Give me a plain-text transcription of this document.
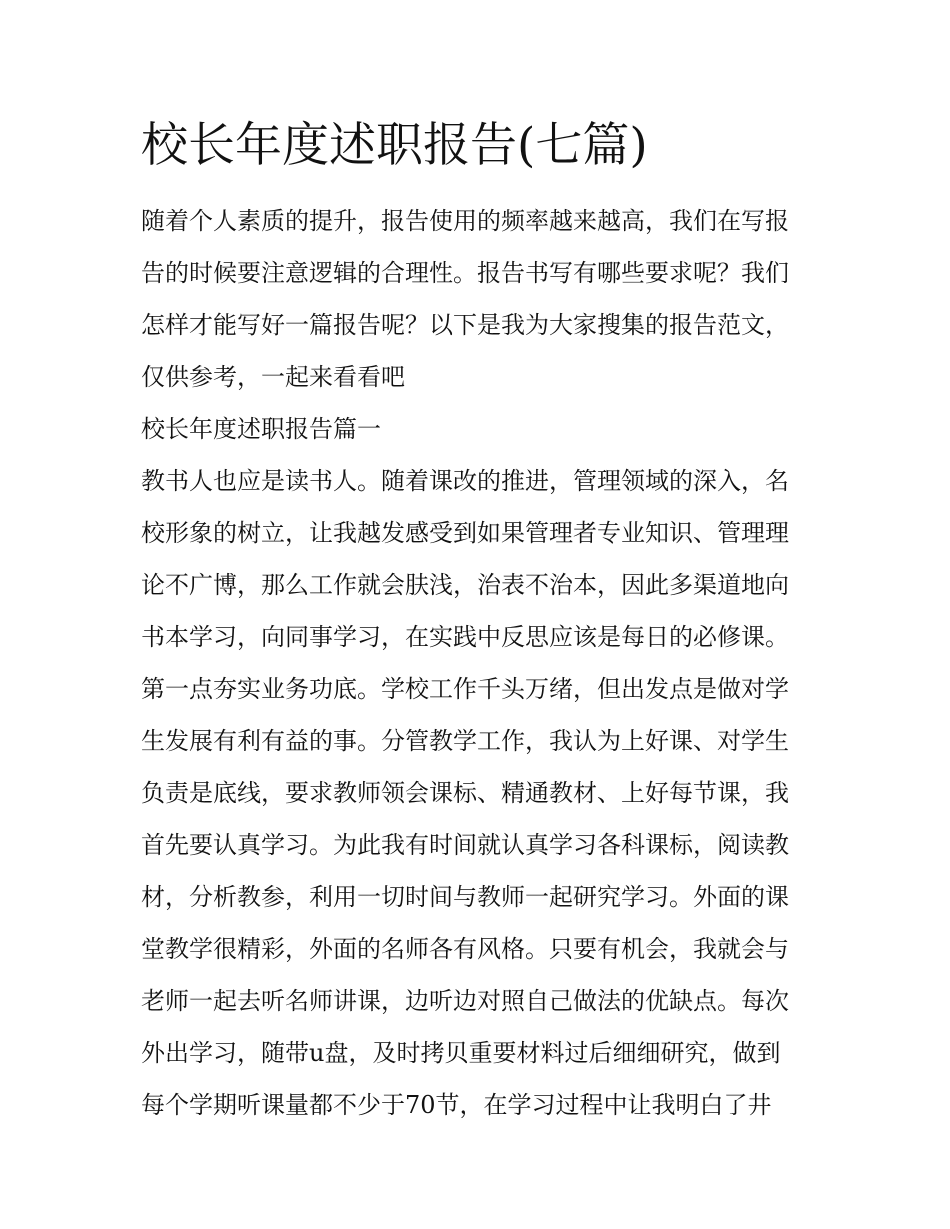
校长年度述职报告(七篇)

随着个人素质的提升，报告使用的频率越来越高，我们在写报

告的时候要注意逻辑的合理性。报告书写有哪些要求呢？我们

怎样才能写好一篇报告呢？以下是我为大家搜集的报告范文，

仅供参考，一起来看看吧

校长年度述职报告篇一

教书人也应是读书人。随着课改的推进，管理领域的深入，名

校形象的树立，让我越发感受到如果管理者专业知识、管理理

论不广博，那么工作就会肤浅，治表不治本，因此多渠道地向

书本学习，向同事学习，在实践中反思应该是每日的必修课。

第一点夯实业务功底。学校工作千头万绪，但出发点是做对学

生发展有利有益的事。分管教学工作，我认为上好课、对学生

负责是底线，要求教师领会课标、精通教材、上好每节课，我

首先要认真学习。为此我有时间就认真学习各科课标，阅读教

材，分析教参，利用一切时间与教师一起研究学习。外面的课

堂教学很精彩，外面的名师各有风格。只要有机会，我就会与

老师一起去听名师讲课，边听边对照自己做法的优缺点。每次

外出学习，随带u盘，及时拷贝重要材料过后细细研究，做到

每个学期听课量都不少于70节，在学习过程中让我明白了井
